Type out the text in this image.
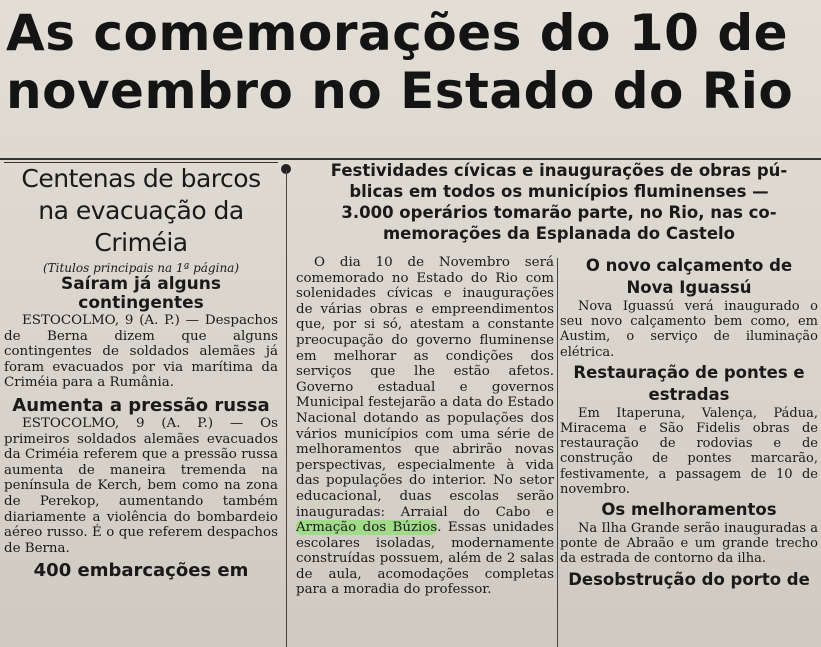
As comemorações do 10 de
novembro no Estado do Rio
Festividades cívicas e inaugurações de obras pú-
blicas em todos os municípios fluminenses —
3.000 operários tomarão parte, no Rio, nas co-
memorações da Esplanada do Castelo
Centenas de barcos na evacuação da Criméia
(Titulos principais na 1ª página)
Saíram já alguns contingentes

ESTOCOLMO, 9 (A. P.) — Despachos de Berna dizem que alguns contingentes de soldados alemães já foram evacuados por via marítima da Criméia para a Rumânia.

Aumenta a pressão russa

ESTOCOLMO, 9 (A. P.) — Os primeiros soldados alemães evacuados da Criméia referem que a pressão russa aumenta de maneira tremenda na península de Kerch, bem como na zona de Perekop, aumentando também diariamente a violência do bombardeio aéreo russo. É o que referem despachos de Berna.

400 embarcações em

O dia 10 de Novembro será comemorado no Estado do Rio com solenidades cívicas e inaugurações de várias obras e empreendimentos que, por si só, atestam a constante preocupação do governo fluminense em melhorar as condições dos serviços que lhe estão afetos. Governo estadual e governos Municipal festejarão a data do Estado Nacional dotando as populações dos vários municípios com uma série de melhoramentos que abrirão novas perspectivas, especialmente à vida das populações do interior. No setor educacional, duas escolas serão inauguradas: Arraial do Cabo e Armação dos Búzios. Essas unidades escolares isoladas, modernamente construídas possuem, além de 2 salas de aula, acomodações completas para a moradia do professor.

O novo calçamento de Nova Iguassú

Nova Iguassú verá inaugurado o seu novo calçamento bem como, em Austim, o serviço de iluminação elétrica.

Restauração de pontes e estradas

Em Itaperuna, Valença, Pádua, Miracema e São Fidelis obras de restauração de rodovias e de construção de pontes marcarão, festivamente, a passagem de 10 de novembro.

Os melhoramentos

Na Ilha Grande serão inauguradas a ponte de Abraão e um grande trecho da estrada de contorno da ilha.

Desobstrução do porto de
